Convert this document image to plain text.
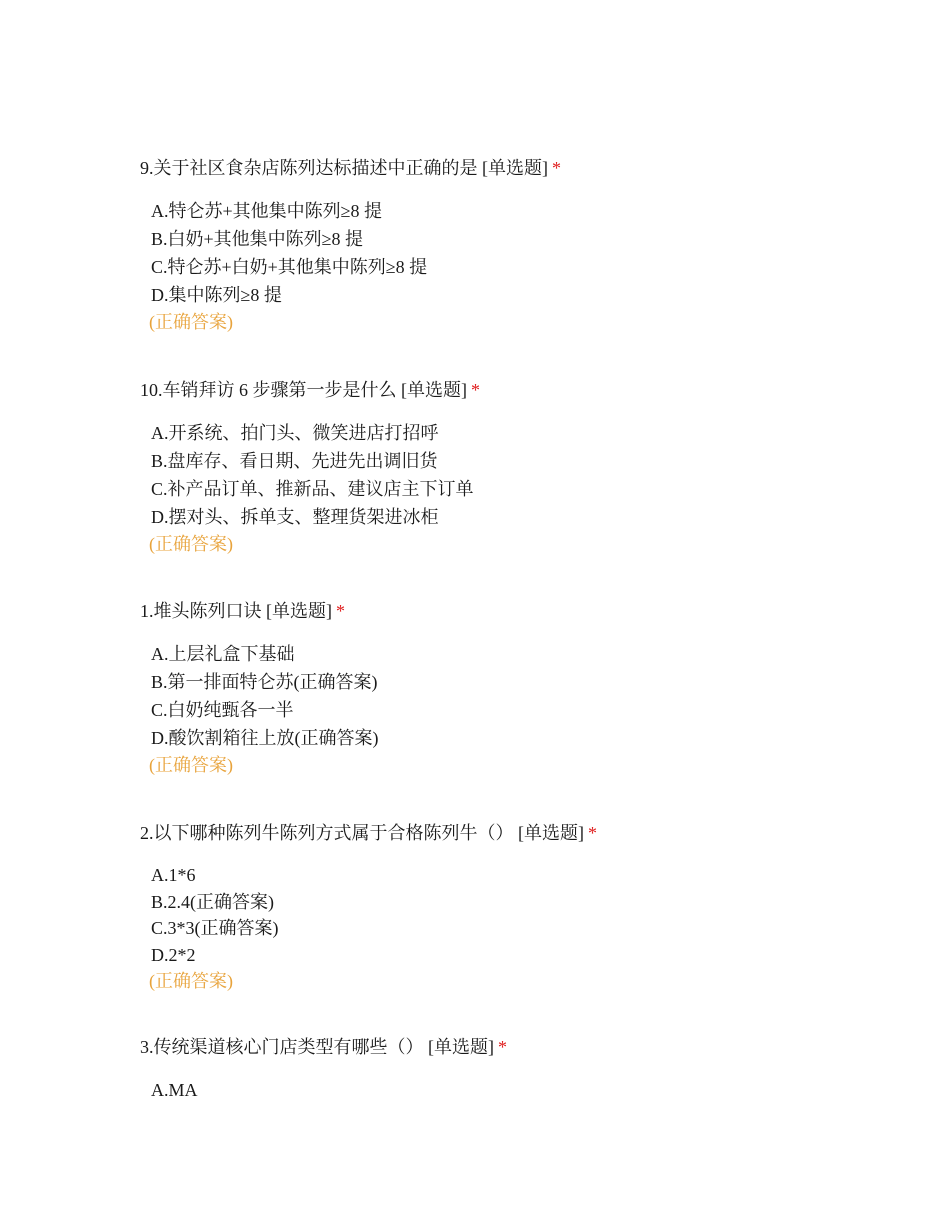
9.关于社区食杂店陈列达标描述中正确的是 [单选题] *

A.特仑苏+其他集中陈列≥8 提
B.白奶+其他集中陈列≥8 提
C.特仑苏+白奶+其他集中陈列≥8 提
D.集中陈列≥8 提
(正确答案)

10.车销拜访 6 步骤第一步是什么 [单选题] *

A.开系统、拍门头、微笑进店打招呼
B.盘库存、看日期、先进先出调旧货
C.补产品订单、推新品、建议店主下订单
D.摆对头、拆单支、整理货架进冰柜
(正确答案)

1.堆头陈列口诀 [单选题] *

A.上层礼盒下基础
B.第一排面特仑苏(正确答案)
C.白奶纯甄各一半
D.酸饮割箱往上放(正确答案)
(正确答案)

2.以下哪种陈列牛陈列方式属于合格陈列牛（） [单选题] *

A.1*6
B.2.4(正确答案)
C.3*3(正确答案)
D.2*2
(正确答案)

3.传统渠道核心门店类型有哪些（） [单选题] *

A.MA
